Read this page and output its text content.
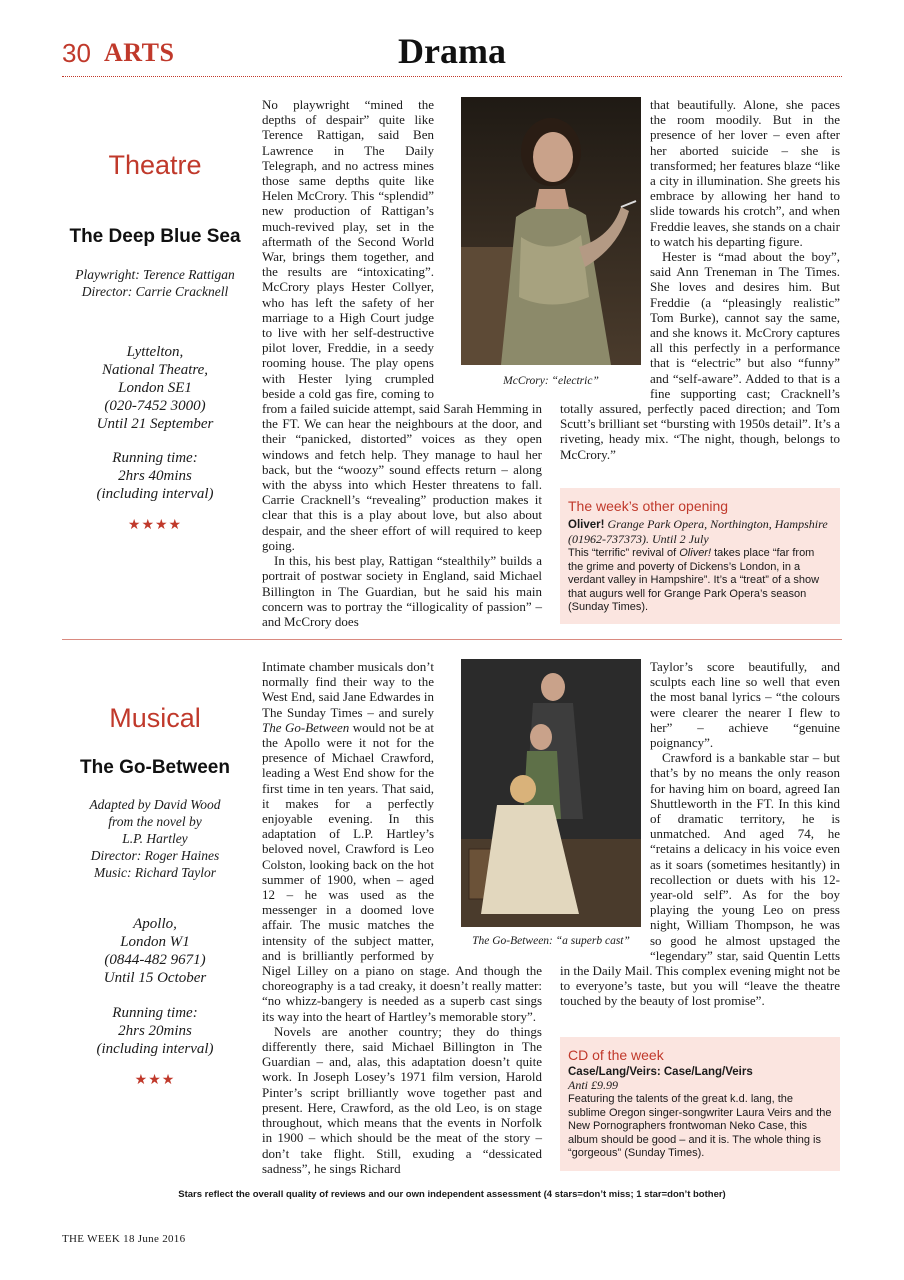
30 ARTS	Drama
Theatre
The Deep Blue Sea
Playwright: Terence Rattigan
Director: Carrie Cracknell
Lyttelton,
National Theatre,
London SE1
(020-7452 3000)
Until 21 September
Running time:
2hrs 40mins
(including interval)
★★★★

No playwright “mined the depths of despair” quite like Terence Rattigan, said Ben Lawrence in The Daily Telegraph, and no actress mines those same depths quite like Helen McCrory. This “splendid” new production of Rattigan’s much-revived play, set in the aftermath of the Second World War, brings them together, and the results are “intoxicating”. McCrory plays Hester Collyer, who has left the safety of her marriage to a High Court judge to live with her self-destructive pilot lover, Freddie, in a seedy rooming house. The play opens with Hester lying crumpled beside a cold gas fire, coming to from a failed suicide attempt, said Sarah Hemming in the FT. We can hear the neighbours at the door, and their “panicked, distorted” voices as they open windows and fetch help. They manage to haul her back, but the “woozy” sound effects return – along with the abyss into which Hester threatens to fall. Carrie Cracknell’s “revealing” production makes it clear that this is a play about love, but also about despair, and the sheer effort of will required to keep going.

In this, his best play, Rattigan “stealthily” builds a portrait of postwar society in England, said Michael Billington in The Guardian, but he said his main concern was to portray the “illogicality of passion” – and McCrory does

McCrory: “electric”

that beautifully. Alone, she paces the room moodily. But in the presence of her lover – even after her aborted suicide – she is transformed; her features blaze “like a city in illumination. She greets his embrace by allowing her hand to slide towards his crotch”, and when Freddie leaves, she stands on a chair to watch his departing figure.

Hester is “mad about the boy”, said Ann Treneman in The Times. She loves and desires him. But Freddie (a “pleasingly realistic” Tom Burke), cannot say the same, and she knows it. McCrory captures all this perfectly in a performance that is “electric” but also “funny” and “self-aware”. Added to that is a fine supporting cast; Cracknell’s totally assured, perfectly paced direction; and Tom Scutt’s brilliant set “bursting with 1950s detail”. It’s a riveting, heady mix. “The night, though, belongs to McCrory.”

The week’s other opening
Oliver! Grange Park Opera, Northington, Hampshire (01962-737373). Until 2 July
This “terrific” revival of Oliver! takes place “far from the grime and poverty of Dickens’s London, in a verdant valley in Hampshire”. It’s a “treat” of a show that augurs well for Grange Park Opera’s season (Sunday Times).
Musical
The Go-Between
Adapted by David Wood
from the novel by
L.P. Hartley
Director: Roger Haines
Music: Richard Taylor
Apollo,
London W1
(0844-482 9671)
Until 15 October
Running time:
2hrs 20mins
(including interval)
★★★

Intimate chamber musicals don’t normally find their way to the West End, said Jane Edwardes in The Sunday Times – and surely The Go-Between would not be at the Apollo were it not for the presence of Michael Crawford, leading a West End show for the first time in ten years. That said, it makes for a perfectly enjoyable evening. In this adaptation of L.P. Hartley’s beloved novel, Crawford is Leo Colston, looking back on the hot summer of 1900, when – aged 12 – he was used as the messenger in a doomed love affair. The music matches the intensity of the subject matter, and is brilliantly performed by Nigel Lilley on a piano on stage. And though the choreography is a tad creaky, it doesn’t really matter: “no whizz-bangery is needed as a superb cast sings its way into the heart of Hartley’s memorable story”.

Novels are another country; they do things differently there, said Michael Billington in The Guardian – and, alas, this adaptation doesn’t quite work. In Joseph Losey’s 1971 film version, Harold Pinter’s script brilliantly wove together past and present. Here, Crawford, as the old Leo, is on stage throughout, which means that the events in Norfolk in 1900 – which should be the meat of the story – don’t take flight. Still, exuding a “dessicated sadness”, he sings Richard

The Go-Between: “a superb cast”

Taylor’s score beautifully, and sculpts each line so well that even the most banal lyrics – “the colours were clearer the nearer I flew to her” – achieve “genuine poignancy”.

Crawford is a bankable star – but that’s by no means the only reason for having him on board, agreed Ian Shuttleworth in the FT. In this kind of dramatic territory, he is unmatched. And aged 74, he “retains a delicacy in his voice even as it soars (sometimes hesitantly) in recollection or duets with his 12-year-old self”. As for the boy playing the young Leo on press night, William Thompson, he was so good he almost upstaged the “legendary” star, said Quentin Letts in the Daily Mail. This complex evening might not be to everyone’s taste, but you will “leave the theatre touched by the beauty of lost promise”.

CD of the week
Case/Lang/Veirs: Case/Lang/Veirs
Anti £9.99
Featuring the talents of the great k.d. lang, the sublime Oregon singer-songwriter Laura Veirs and the New Pornographers frontwoman Neko Case, this album should be good – and it is. The whole thing is “gorgeous” (Sunday Times).
Stars reflect the overall quality of reviews and our own independent assessment (4 stars=don’t miss; 1 star=don’t bother)
THE WEEK 18 June 2016
